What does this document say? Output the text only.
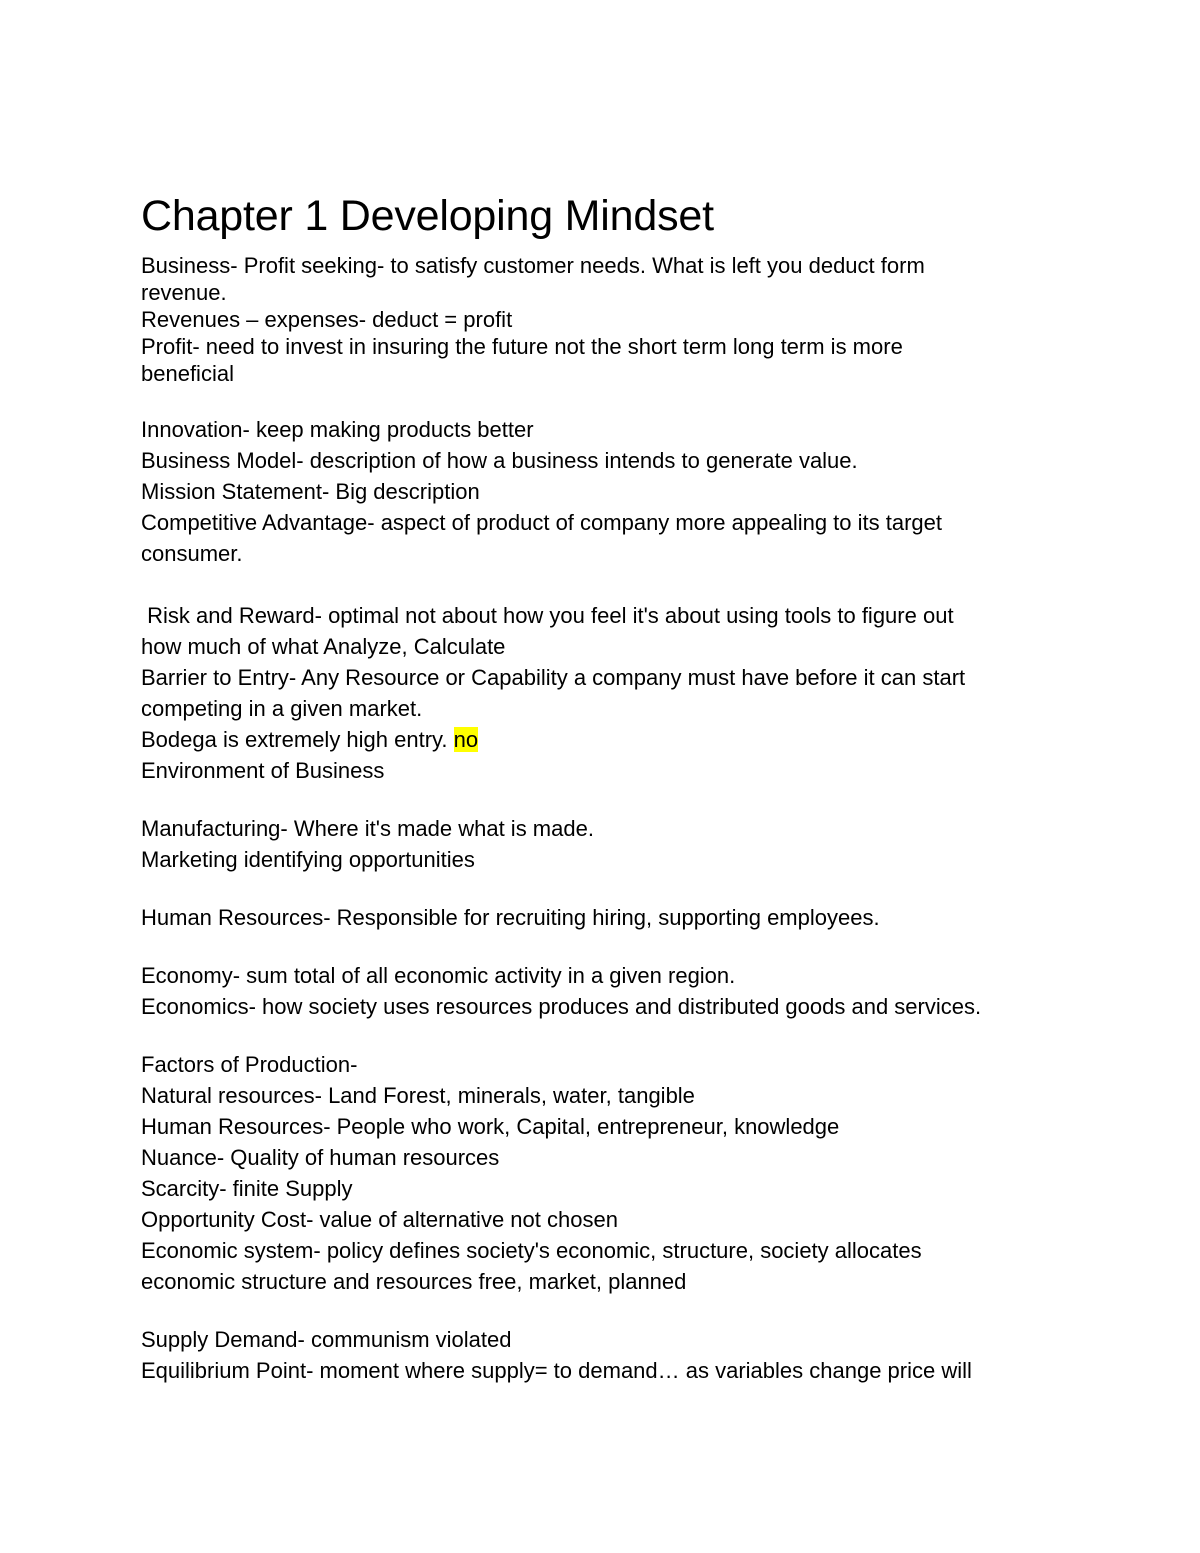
Chapter 1 Developing Mindset
Business- Profit seeking- to satisfy customer needs. What is left you deduct form
revenue.
Revenues – expenses- deduct = profit
Profit- need to invest in insuring the future not the short term long term is more
beneficial
Innovation- keep making products better
Business Model- description of how a business intends to generate value.
Mission Statement- Big description
Competitive Advantage- aspect of product of company more appealing to its target
consumer.
Risk and Reward- optimal not about how you feel it's about using tools to figure out
how much of what Analyze, Calculate
Barrier to Entry- Any Resource or Capability a company must have before it can start
competing in a given market.
Bodega is extremely high entry. no
Environment of Business
Manufacturing- Where it's made what is made.
Marketing identifying opportunities
Human Resources- Responsible for recruiting hiring, supporting employees.
Economy- sum total of all economic activity in a given region.
Economics- how society uses resources produces and distributed goods and services.
Factors of Production-
Natural resources- Land Forest, minerals, water, tangible
Human Resources- People who work, Capital, entrepreneur, knowledge
Nuance- Quality of human resources
Scarcity- finite Supply
Opportunity Cost- value of alternative not chosen
Economic system- policy defines society's economic, structure, society allocates
economic structure and resources free, market, planned
Supply Demand- communism violated
Equilibrium Point- moment where supply= to demand… as variables change price will
